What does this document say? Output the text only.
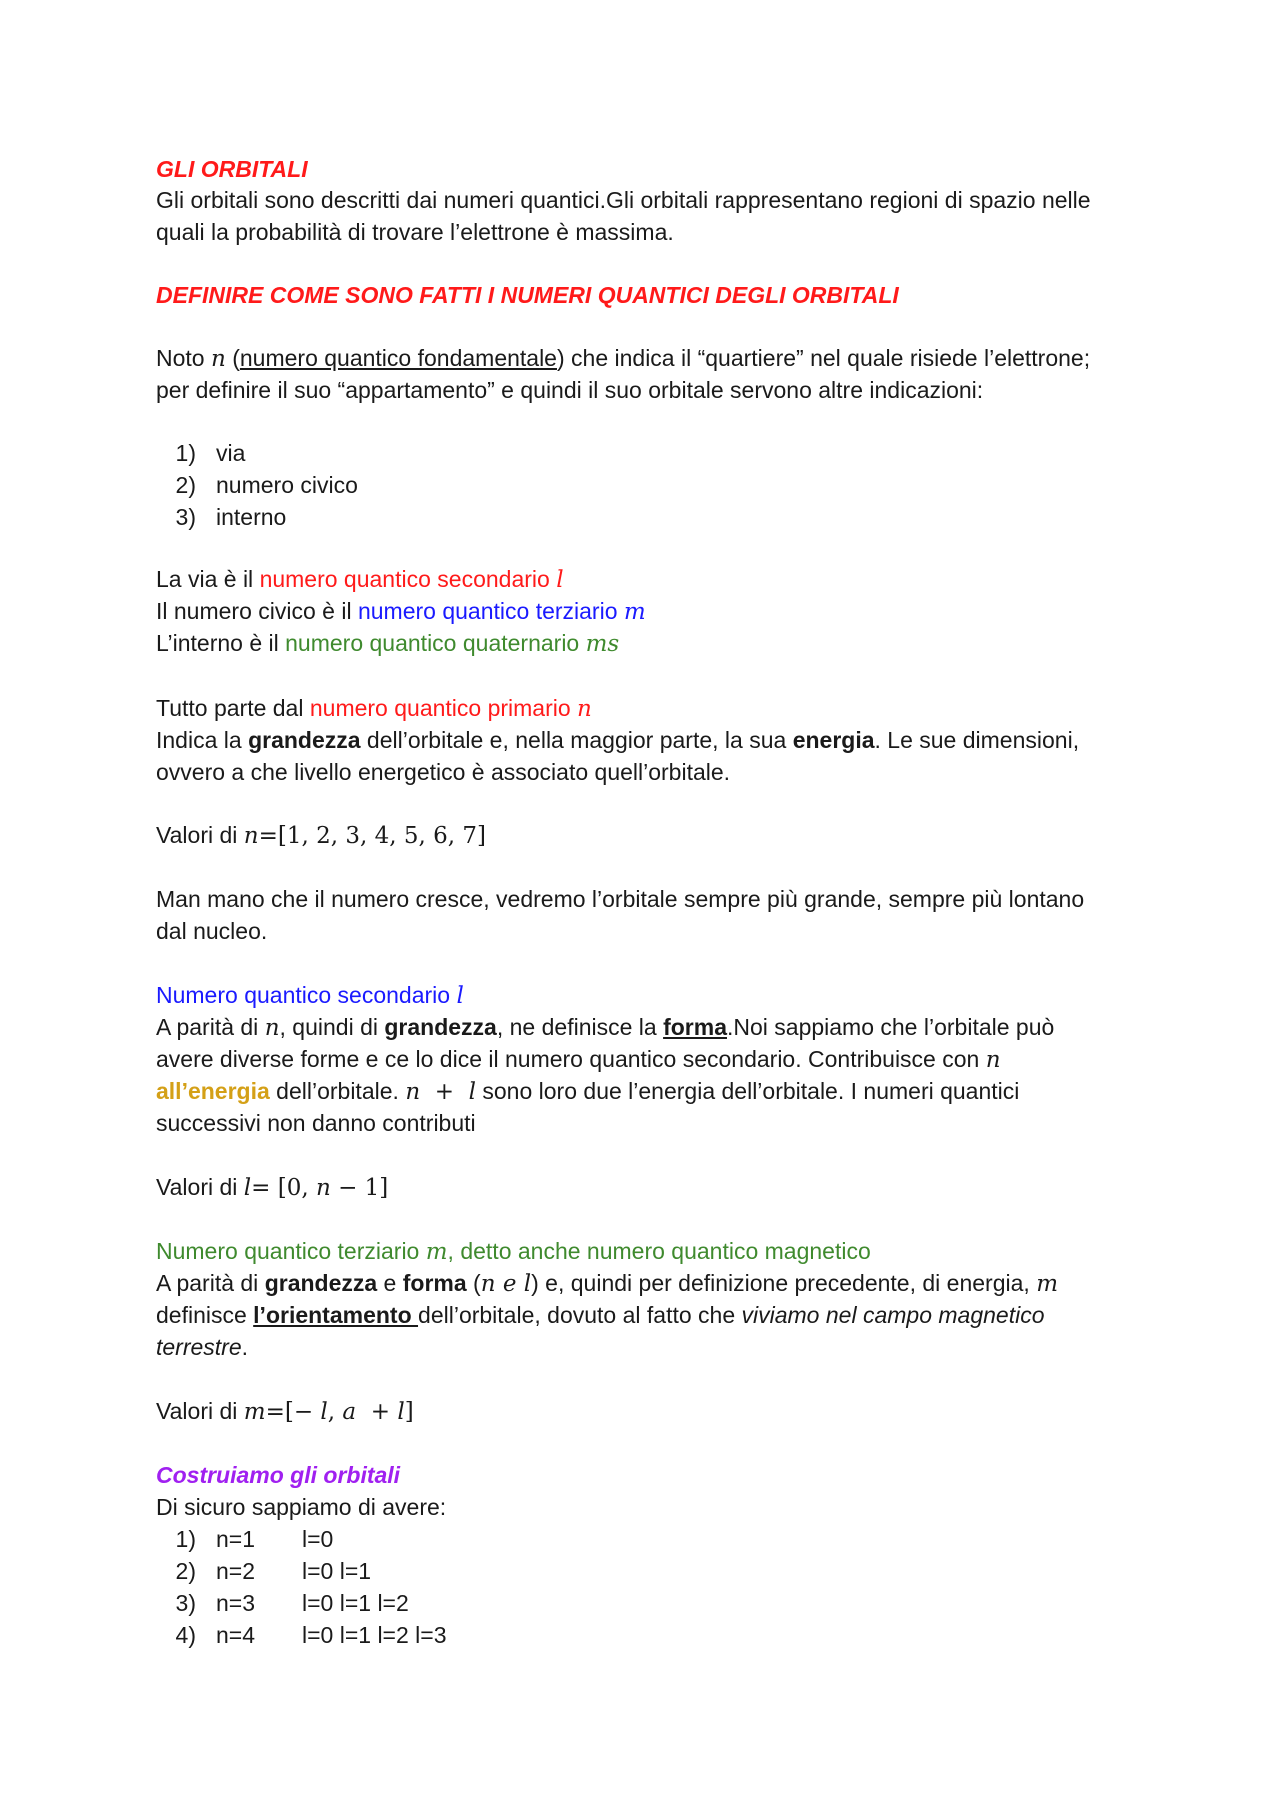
GLI ORBITALI
Gli orbitali sono descritti dai numeri quantici.Gli orbitali rappresentano regioni di spazio nelle
quali la probabilità di trovare l’elettrone è massima.
DEFINIRE COME SONO FATTI I NUMERI QUANTICI DEGLI ORBITALI
Noto n (numero quantico fondamentale) che indica il “quartiere” nel quale risiede l’elettrone;
per definire il suo “appartamento” e quindi il suo orbitale servono altre indicazioni:
1) via
2) numero civico
3) interno
La via è il numero quantico secondario l
Il numero civico è il numero quantico terziario m
L’interno è il numero quantico quaternario ms
Tutto parte dal numero quantico primario n
Indica la grandezza dell’orbitale e, nella maggior parte, la sua energia. Le sue dimensioni,
ovvero a che livello energetico è associato quell’orbitale.
Valori di n=[1, 2, 3, 4, 5, 6, 7]
Man mano che il numero cresce, vedremo l’orbitale sempre più grande, sempre più lontano
dal nucleo.
Numero quantico secondario l
A parità di n, quindi di grandezza, ne definisce la forma.Noi sappiamo che l’orbitale può
avere diverse forme e ce lo dice il numero quantico secondario. Contribuisce con n
all’energia dell’orbitale. n  +  l sono loro due l’energia dell’orbitale. I numeri quantici
successivi non danno contributi
Valori di l= [0, n − 1]
Numero quantico terziario m, detto anche numero quantico magnetico
A parità di grandezza e forma (n e l) e, quindi per definizione precedente, di energia, m
definisce l’orientamento dell’orbitale, dovuto al fatto che viviamo nel campo magnetico
terrestre.
Valori di m=[− l, a  + l]
Costruiamo gli orbitali
Di sicuro sappiamo di avere:
1) n=1 l=0
2) n=2 l=0 l=1
3) n=3 l=0 l=1 l=2
4) n=4 l=0 l=1 l=2 l=3
